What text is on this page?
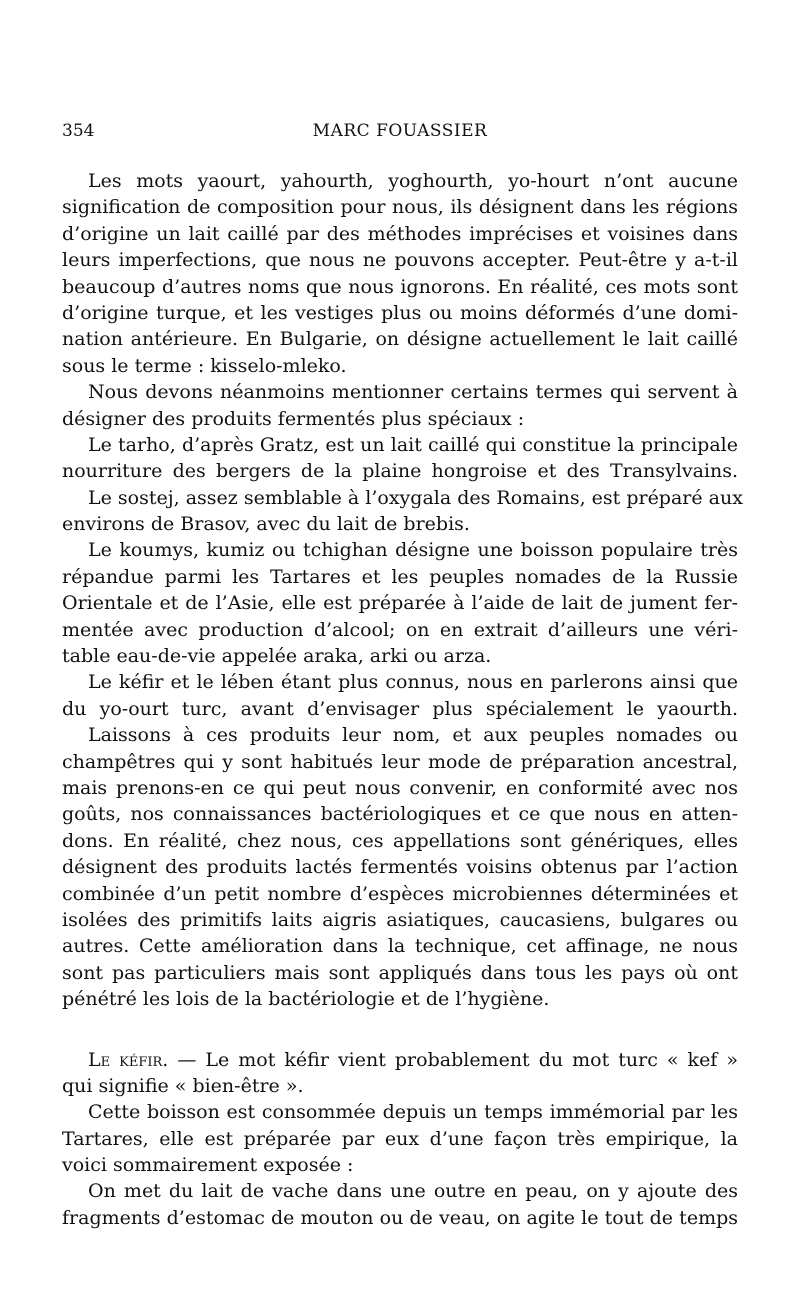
354	MARC FOUASSIER
Les mots yaourt, yahourth, yoghourth, yo-hourt n’ont aucune
signification de composition pour nous, ils désignent dans les régions
d’origine un lait caillé par des méthodes imprécises et voisines dans
leurs imperfections, que nous ne pouvons accepter. Peut-être y a-t-il
beaucoup d’autres noms que nous ignorons. En réalité, ces mots sont
d’origine turque, et les vestiges plus ou moins déformés d’une domi-
nation antérieure. En Bulgarie, on désigne actuellement le lait caillé
sous le terme : kisselo-mleko.
Nous devons néanmoins mentionner certains termes qui servent à
désigner des produits fermentés plus spéciaux :
Le tarho, d’après Gratz, est un lait caillé qui constitue la principale
nourriture des bergers de la plaine hongroise et des Transylvains.
Le sostej, assez semblable à l’oxygala des Romains, est préparé aux
environs de Brasov, avec du lait de brebis.
Le koumys, kumiz ou tchighan désigne une boisson populaire très
répandue parmi les Tartares et les peuples nomades de la Russie
Orientale et de l’Asie, elle est préparée à l’aide de lait de jument fer-
mentée avec production d’alcool; on en extrait d’ailleurs une véri-
table eau-de-vie appelée araka, arki ou arza.
Le kéfir et le lében étant plus connus, nous en parlerons ainsi que
du yo-ourt turc, avant d’envisager plus spécialement le yaourth.
Laissons à ces produits leur nom, et aux peuples nomades ou
champêtres qui y sont habitués leur mode de préparation ancestral,
mais prenons-en ce qui peut nous convenir, en conformité avec nos
goûts, nos connaissances bactériologiques et ce que nous en atten-
dons. En réalité, chez nous, ces appellations sont génériques, elles
désignent des produits lactés fermentés voisins obtenus par l’action
combinée d’un petit nombre d’espèces microbiennes déterminées et
isolées des primitifs laits aigris asiatiques, caucasiens, bulgares ou
autres. Cette amélioration dans la technique, cet affinage, ne nous
sont pas particuliers mais sont appliqués dans tous les pays où ont
pénétré les lois de la bactériologie et de l’hygiène.
Le kéfir. — Le mot kéfir vient probablement du mot turc « kef »
qui signifie « bien-être ».
Cette boisson est consommée depuis un temps immémorial par les
Tartares, elle est préparée par eux d’une façon très empirique, la
voici sommairement exposée :
On met du lait de vache dans une outre en peau, on y ajoute des
fragments d’estomac de mouton ou de veau, on agite le tout de temps
